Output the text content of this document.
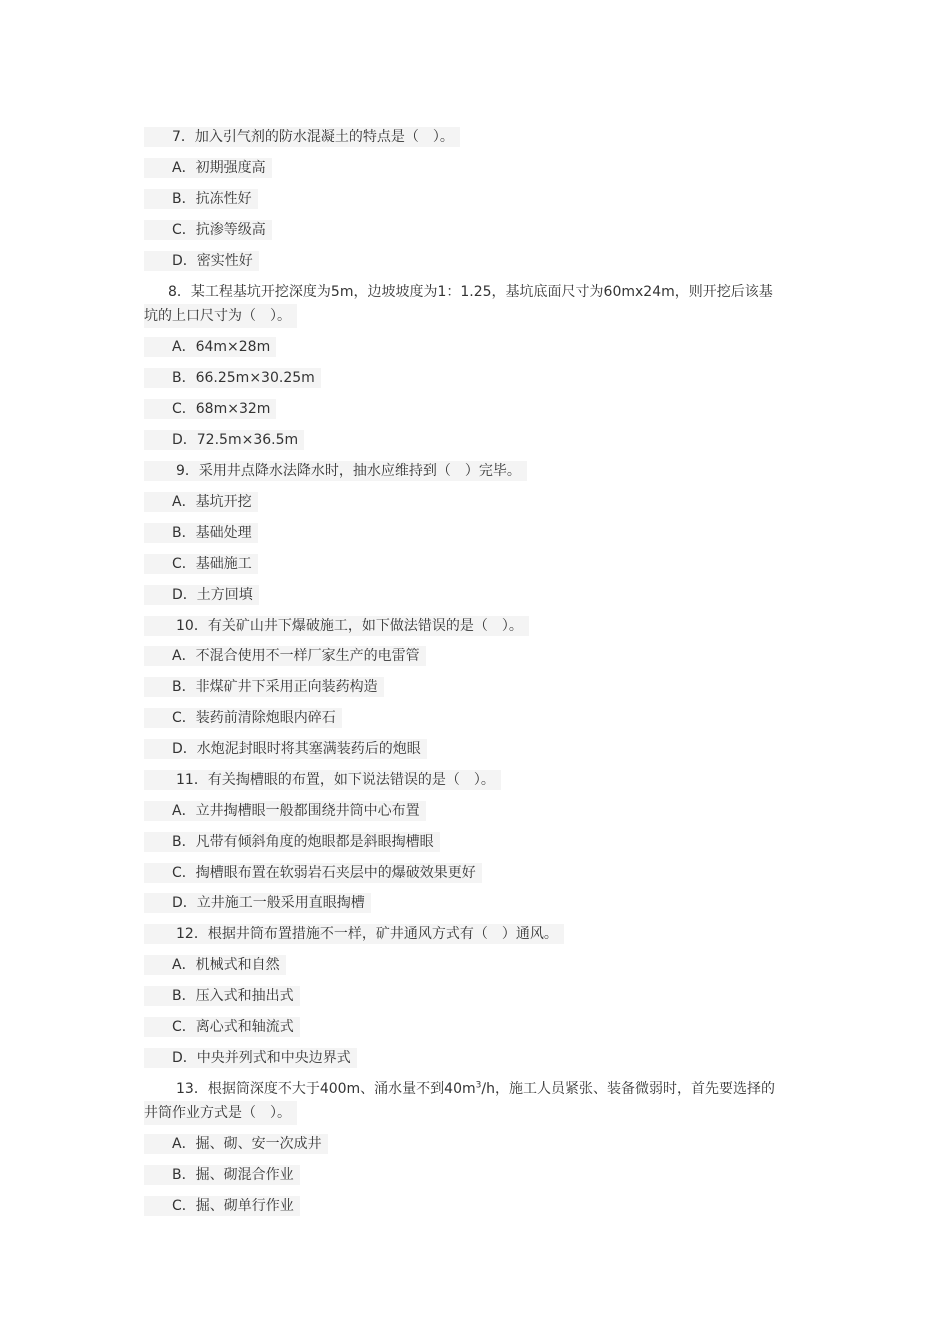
7．加入引气剂的防水混凝土的特点是（　）。
A．初期强度高
B．抗冻性好
C．抗渗等级高
D．密实性好
8．某工程基坑开挖深度为5m，边坡坡度为1：1.25，基坑底面尺寸为60mx24m，则开挖后该基
坑的上口尺寸为（　）。
A．64m×28m
B．66.25m×30.25m
C．68m×32m
D．72.5m×36.5m
9．采用井点降水法降水时，抽水应维持到（　）完毕。
A．基坑开挖
B．基础处理
C．基础施工
D．土方回填
10．有关矿山井下爆破施工，如下做法错误的是（　）。
A．不混合使用不一样厂家生产的电雷管
B．非煤矿井下采用正向装药构造
C．装药前清除炮眼内碎石
D．水炮泥封眼时将其塞满装药后的炮眼
11．有关掏槽眼的布置，如下说法错误的是（　）。
A．立井掏槽眼一般都围绕井筒中心布置
B．凡带有倾斜角度的炮眼都是斜眼掏槽眼
C．掏槽眼布置在软弱岩石夹层中的爆破效果更好
D．立井施工一般采用直眼掏槽
12．根据井筒布置措施不一样，矿井通风方式有（　）通风。
A．机械式和自然
B．压入式和抽出式
C．离心式和轴流式
D．中央并列式和中央边界式
13．根据筒深度不大于400m、涌水量不到$40m^3/h$，施工人员紧张、装备微弱时，首先要选择的
井筒作业方式是（　）。
A．掘、砌、安一次成井
B．掘、砌混合作业
C．掘、砌单行作业
